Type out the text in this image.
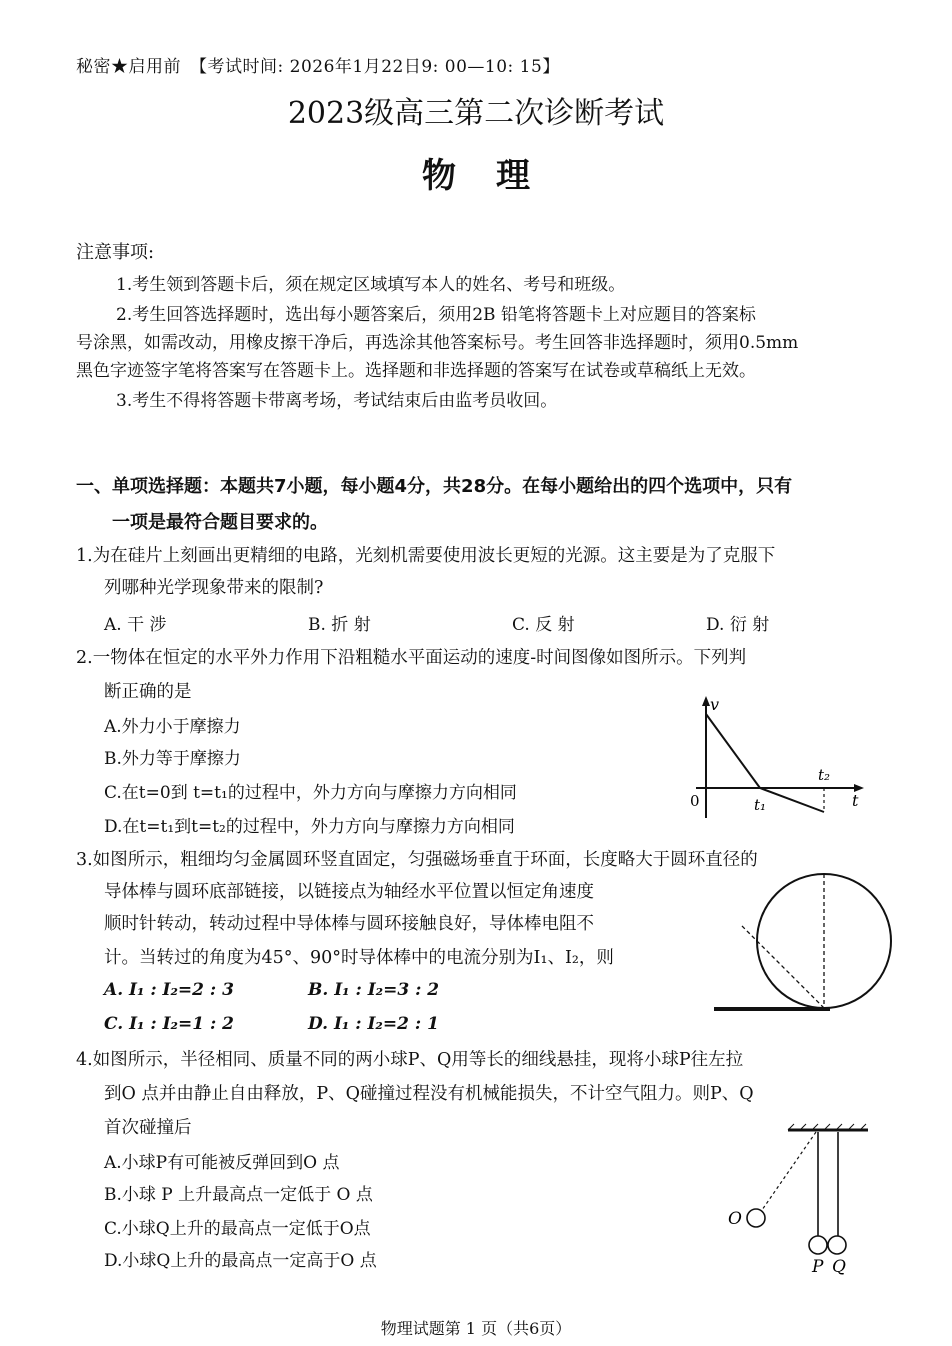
秘密★启用前　【考试时间: 2026年1月22日9: 00—10: 15】
2023级高三第二次诊断考试
物理
注意事项:
1.考生领到答题卡后，须在规定区域填写本人的姓名、考号和班级。
2.考生回答选择题时，选出每小题答案后，须用2B 铅笔将答题卡上对应题目的答案标
号涂黑，如需改动，用橡皮擦干净后，再选涂其他答案标号。考生回答非选择题时，须用0.5mm
黑色字迹签字笔将答案写在答题卡上。选择题和非选择题的答案写在试卷或草稿纸上无效。
3.考生不得将答题卡带离考场，考试结束后由监考员收回。
一、单项选择题：本题共7小题，每小题4分，共28分。在每小题给出的四个选项中，只有
一项是最符合题目要求的。
1.为在硅片上刻画出更精细的电路，光刻机需要使用波长更短的光源。这主要是为了克服下
列哪种光学现象带来的限制?
A. 干 涉	B. 折 射	C. 反 射	D. 衍 射
2.一物体在恒定的水平外力作用下沿粗糙水平面运动的速度-时间图像如图所示。下列判
断正确的是
A.外力小于摩擦力
B.外力等于摩擦力
C.在t=0到 t=t₁的过程中，外力方向与摩擦力方向相同
D.在t=t₁到t=t₂的过程中，外力方向与摩擦力方向相同
v
t
0	t₁
t₂
3.如图所示，粗细均匀金属圆环竖直固定，匀强磁场垂直于环面，长度略大于圆环直径的
导体棒与圆环底部链接，以链接点为轴经水平位置以恒定角速度
顺时针转动，转动过程中导体棒与圆环接触良好，导体棒电阻不
计。当转过的角度为45°、90°时导体棒中的电流分别为I₁、I₂，则
A. I₁ : I₂=2 : 3	B. I₁ : I₂=3 : 2
C. I₁ : I₂=1 : 2	D. I₁ : I₂=2 : 1
4.如图所示，半径相同、质量不同的两小球P、Q用等长的细线悬挂，现将小球P往左拉
到O 点并由静止自由释放，P、Q碰撞过程没有机械能损失，不计空气阻力。则P、Q
首次碰撞后
A.小球P有可能被反弹回到O 点
B.小球 P 上升最高点一定低于 O 点
C.小球Q上升的最高点一定低于O点
D.小球Q上升的最高点一定高于O 点
O
P Q
物理试题第 1 页（共6页）
